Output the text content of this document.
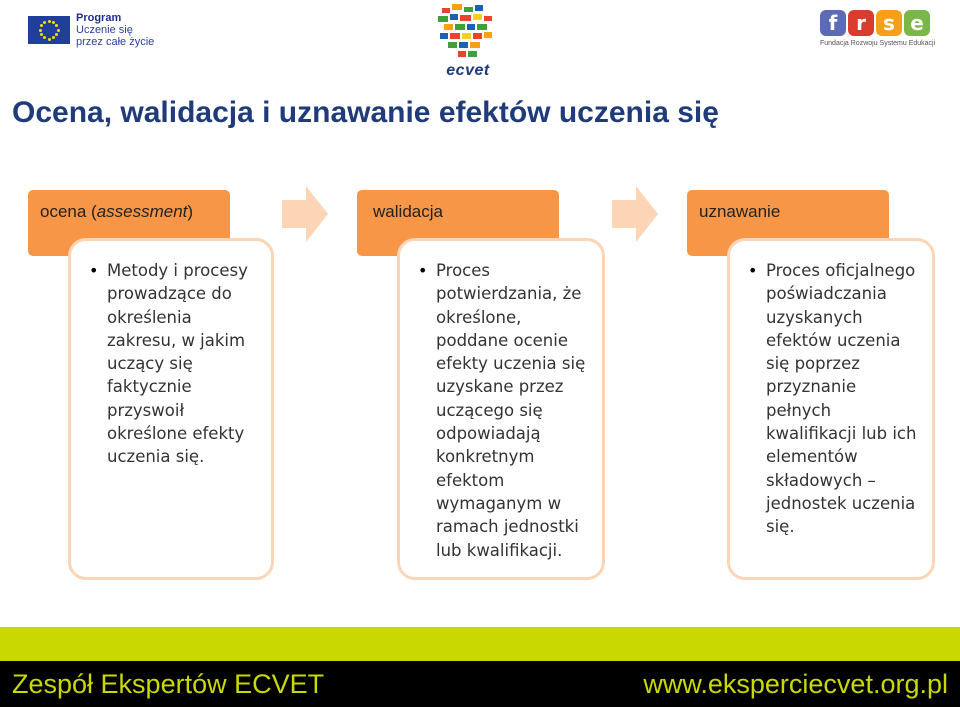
Program
Uczenie się
przez całe życie
ecvet
f r s e
Fundacja Rozwoju Systemu Edukacji
Ocena, walidacja i uznawanie efektów uczenia się
ocena (assessment)
• Metody i procesy prowadzące do określenia zakresu, w jakim uczący się faktycznie przyswoił określone efekty uczenia się.
walidacja
• Proces potwierdzania, że określone, poddane ocenie efekty uczenia się uzyskane przez uczącego się odpowiadają konkretnym efektom wymaganym w ramach jednostki lub kwalifikacji.
uznawanie
• Proces oficjalnego poświadczania uzyskanych efektów uczenia się poprzez przyznanie pełnych kwalifikacji lub ich elementów składowych – jednostek uczenia się.
Zespół Ekspertów ECVET	www.eksperciecvet.org.pl
